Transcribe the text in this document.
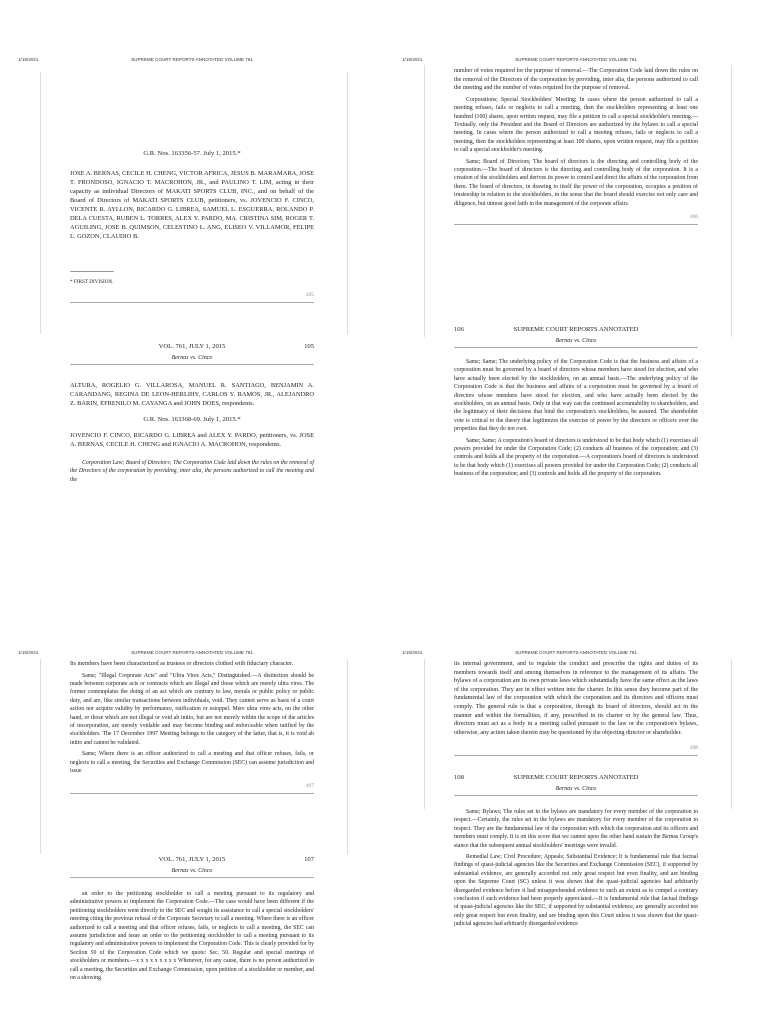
1/19/2021	SUPREME COURT REPORTS ANNOTATED VOLUME 761

G.R. Nos. 163356-57. July 1, 2015.*

JOSE A. BERNAS, CECILE H. CHENG, VICTOR AFRICA, JESUS B. MARAMARA, JOSE T. FRONDOSO, IGNACIO T. MACROHON, JR., and PAULINO T. LIM, acting in their capacity as individual Directors of MAKATI SPORTS CLUB, INC., and on behalf of the Board of Directors of MAKATI SPORTS CLUB, petitioners, vs. JOVENCIO F. CINCO, VICENTE R. AYLLON, RICARDO G. LIBREA, SAMUEL L. ESGUERRA, ROLANDO P. DELA CUESTA, RUBEN L. TORRES, ALEX Y. PARDO, MA. CRISTINA SIM, ROGER T. AGUILING, JOSE B. QUIMSON, CELESTINO L. ANG, ELISEO V. VILLAMOR, FELIPE L. GOZON, CLAUDIO B.

* FIRST DIVISION.

105

VOL. 761, JULY 1, 2015	105

Bernas vs. Cinco

ALTURA, ROGELIO G. VILLAROSA, MANUEL R. SANTIAGO, BENJAMIN A. CARANDANG, REGINA DE LEON-HERLIHY, CARLOS Y. RAMOS, JR., ALEJANDRO Z. BARIN, EFRENILO M. CAYANGA and JOHN DOES, respondents.

G.R. Nos. 163368-69. July 1, 2015.*

JOVENCIO F. CINCO, RICARDO G. LIBREA and ALEX Y. PARDO, petitioners, vs. JOSE A. BERNAS, CECILE H. CHENG and IGNACIO A. MACROHON, respondents.

Corporation Law; Board of Directors; The Corporation Code laid down the rules on the removal of the Directors of the corporation by providing, inter alia, the persons authorized to call the meeting and the

1/19/2021	SUPREME COURT REPORTS ANNOTATED VOLUME 761

number of votes required for the purpose of removal.—The Corporation Code laid down the rules on the removal of the Directors of the corporation by providing, inter alia, the persons authorized to call the meeting and the number of votes required for the purpose of removal.

Corporations; Special Stockholders' Meeting; In cases where the person authorized to call a meeting refuses, fails or neglects to call a meeting, then the stockholders representing at least one hundred (100) shares, upon written request, may file a petition to call a special stockholder's meeting.—Textually, only the President and the Board of Directors are authorized by the bylaws to call a special meeting. In cases where the person authorized to call a meeting refuses, fails or neglects to call a meeting, then the stockholders representing at least 100 shares, upon written request, may file a petition to call a special stockholder's meeting.

Same; Board of Directors; The board of directors is the directing and controlling body of the corporation.—The board of directors is the directing and controlling body of the corporation. It is a creation of the stockholders and derives its power to control and direct the affairs of the corporation from them. The board of directors, in drawing to itself the power of the corporation, occupies a position of trusteeship in relation to the stockholders, in the sense that the board should exercise not only care and diligence, but utmost good faith in the management of the corporate affairs.

106

106	SUPREME COURT REPORTS ANNOTATED

Bernas vs. Cinco

Same; Same; The underlying policy of the Corporation Code is that the business and affairs of a corporation must be governed by a board of directors whose members have stood for election, and who have actually been elected by the stockholders, on an annual basis.—The underlying policy of the Corporation Code is that the business and affairs of a corporation must be governed by a board of directors whose members have stood for election, and who have actually been elected by the stockholders, on an annual basis. Only in that way can the continued accountability to shareholders, and the legitimacy of their decisions that bind the corporation's stockholders, be assured. The shareholder vote is critical to the theory that legitimizes the exercise of power by the directors or officers over the properties that they do not own.

Same; Same; A corporation's board of directors is understood to be that body which (1) exercises all powers provided for under the Corporation Code; (2) conducts all business of the corporation; and (3) controls and holds all the property of the corporation.—A corporation's board of directors is understood to be that body which (1) exercises all powers provided for under the Corporation Code; (2) conducts all business of the corporation; and (3) controls and holds all the property of the corporation.

1/19/2021	SUPREME COURT REPORTS ANNOTATED VOLUME 761

Its members have been characterized as trustees or directors clothed with fiduciary character.

Same; "Illegal Corporate Acts" and "Ultra Vires Acts," Distinguished.—A distinction should be made between corporate acts or contracts which are illegal and those which are merely ultra vires. The former contemplates the doing of an act which are contrary to law, morals or public policy or public duty, and are, like similar transactions between individuals, void. They cannot serve as basis of a court action nor acquire validity by performance, ratification or estoppel. Mere ultra vires acts, on the other hand, or those which are not illegal or void ab initio, but are not merely within the scope of the articles of incorporation, are merely voidable and may become binding and enforceable when ratified by the stockholders. The 17 December 1997 Meeting belongs to the category of the latter, that is, it is void ab initio and cannot be validated.

Same; Where there is an officer authorized to call a meeting and that officer refuses, fails, or neglects to call a meeting, the Securities and Exchange Commission (SEC) can assume jurisdiction and issue

107

VOL. 761, JULY 1, 2015	107

Bernas vs. Cinco

an order to the petitioning stockholder to call a meeting pursuant to its regulatory and administrative powers to implement the Corporation Code.—The case would have been different if the petitioning stockholders went directly to the SEC and sought its assistance to call a special stockholders' meeting citing the previous refusal of the Corporate Secretary to call a meeting. Where there is an officer authorized to call a meeting and that officer refuses, fails, or neglects to call a meeting, the SEC can assume jurisdiction and issue an order to the petitioning stockholder to call a meeting pursuant to its regulatory and administrative powers to implement the Corporation Code. This is clearly provided for by Section 50 of the Corporation Code which we quote: Sec. 50. Regular and special meetings of stockholders or members.—x x x x x x x x x Whenever, for any cause, there is no person authorized to call a meeting, the Securities and Exchange Commission, upon petition of a stockholder or member, and on a showing

1/19/2021	SUPREME COURT REPORTS ANNOTATED VOLUME 761

its internal government, and to regulate the conduct and prescribe the rights and duties of its members towards itself and among themselves in reference to the management of its affairs. The bylaws of a corporation are its own private laws which substantially have the same effect as the laws of the corporation. They are in effect written into the charter. In this sense they become part of the fundamental law of the corporation with which the corporation and its directors and officers must comply. The general rule is that a corporation, through its board of directors, should act in the manner and within the formalities, if any, prescribed in its charter or by the general law. Thus, directors must act as a body in a meeting called pursuant to the law or the corporation's bylaws, otherwise, any action taken therein may be questioned by the objecting director or shareholder.

108

108	SUPREME COURT REPORTS ANNOTATED

Bernas vs. Cinco

Same; Bylaws; The rules set in the bylaws are mandatory for every member of the corporation to respect.—Certainly, the rules set in the bylaws are mandatory for every member of the corporation to respect. They are the fundamental law of the corporation with which the corporation and its officers and members must comply. It is on this score that we cannot upon the other hand sustain the Bernas Group's stance that the subsequent annual stockholders' meetings were invalid.

Remedial Law; Civil Procedure; Appeals; Substantial Evidence; It is fundamental rule that factual findings of quasi-judicial agencies like the Securities and Exchange Commission (SEC), if supported by substantial evidence, are generally accorded not only great respect but even finality, and are binding upon the Supreme Court (SC) unless it was shown that the quasi-judicial agencies had arbitrarily disregarded evidence before it had misapprehended evidence to such an extent as to compel a contrary conclusion if such evidence had been properly appreciated.—It is fundamental rule that factual findings of quasi-judicial agencies like the SEC, if supported by substantial evidence, are generally accorded not only great respect but even finality, and are binding upon this Court unless it was shown that the quasi-judicial agencies had arbitrarily disregarded evidence
